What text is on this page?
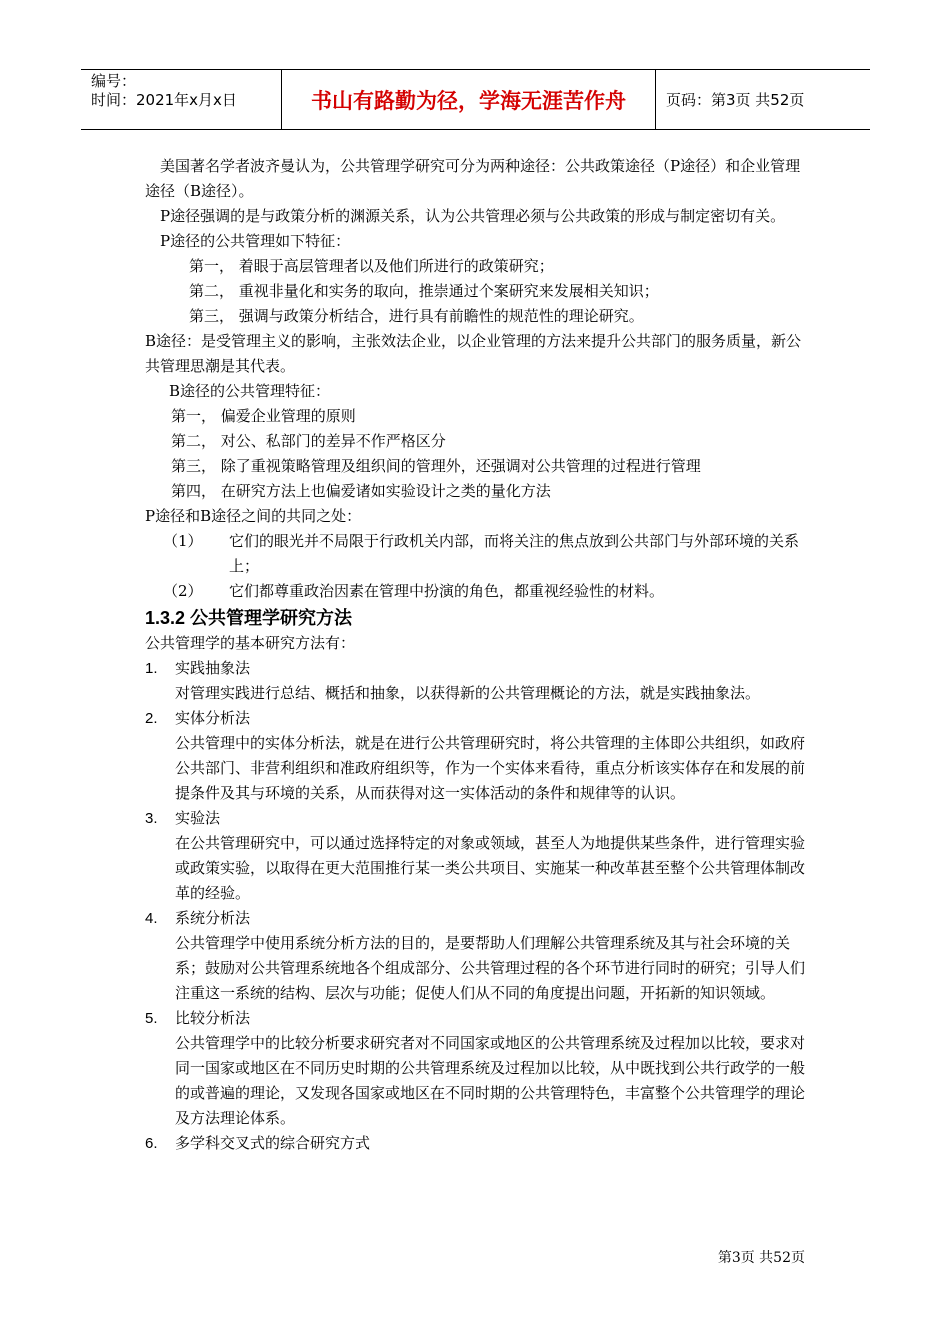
编号：
时间：2021年x月x日	书山有路勤为径，学海无涯苦作舟	页码：第3页 共52页

美国著名学者波齐曼认为，公共管理学研究可分为两种途径：公共政策途径（P途径）和企业管理途径（B途径）。

P途径强调的是与政策分析的渊源关系，认为公共管理必须与公共政策的形成与制定密切有关。

P途径的公共管理如下特征：

第一， 着眼于高层管理者以及他们所进行的政策研究；

第二， 重视非量化和实务的取向，推崇通过个案研究来发展相关知识；

第三， 强调与政策分析结合，进行具有前瞻性的规范性的理论研究。

B途径：是受管理主义的影响，主张效法企业，以企业管理的方法来提升公共部门的服务质量，新公共管理思潮是其代表。

B途径的公共管理特征：

第一， 偏爱企业管理的原则

第二， 对公、私部门的差异不作严格区分

第三， 除了重视策略管理及组织间的管理外，还强调对公共管理的过程进行管理

第四， 在研究方法上也偏爱诸如实验设计之类的量化方法

P途径和B途径之间的共同之处：

（1）	它们的眼光并不局限于行政机关内部，而将关注的焦点放到公共部门与外部环境的关系上；
（2）	它们都尊重政治因素在管理中扮演的角色，都重视经验性的材料。
1.3.2 公共管理学研究方法

公共管理学的基本研究方法有：

1.	实践抽象法

对管理实践进行总结、概括和抽象，以获得新的公共管理概论的方法，就是实践抽象法。

2.	实体分析法

公共管理中的实体分析法，就是在进行公共管理研究时，将公共管理的主体即公共组织，如政府公共部门、非营利组织和准政府组织等，作为一个实体来看待，重点分析该实体存在和发展的前提条件及其与环境的关系，从而获得对这一实体活动的条件和规律等的认识。

3.	实验法

在公共管理研究中，可以通过选择特定的对象或领域，甚至人为地提供某些条件，进行管理实验或政策实验，以取得在更大范围推行某一类公共项目、实施某一种改革甚至整个公共管理体制改革的经验。

4.	系统分析法

公共管理学中使用系统分析方法的目的，是要帮助人们理解公共管理系统及其与社会环境的关系；鼓励对公共管理系统地各个组成部分、公共管理过程的各个环节进行同时的研究；引导人们注重这一系统的结构、层次与功能；促使人们从不同的角度提出问题，开拓新的知识领域。

5.	比较分析法

公共管理学中的比较分析要求研究者对不同国家或地区的公共管理系统及过程加以比较，要求对同一国家或地区在不同历史时期的公共管理系统及过程加以比较，从中既找到公共行政学的一般的或普遍的理论，又发现各国家或地区在不同时期的公共管理特色，丰富整个公共管理学的理论及方法理论体系。

6.	多学科交叉式的综合研究方式
第3页 共52页
